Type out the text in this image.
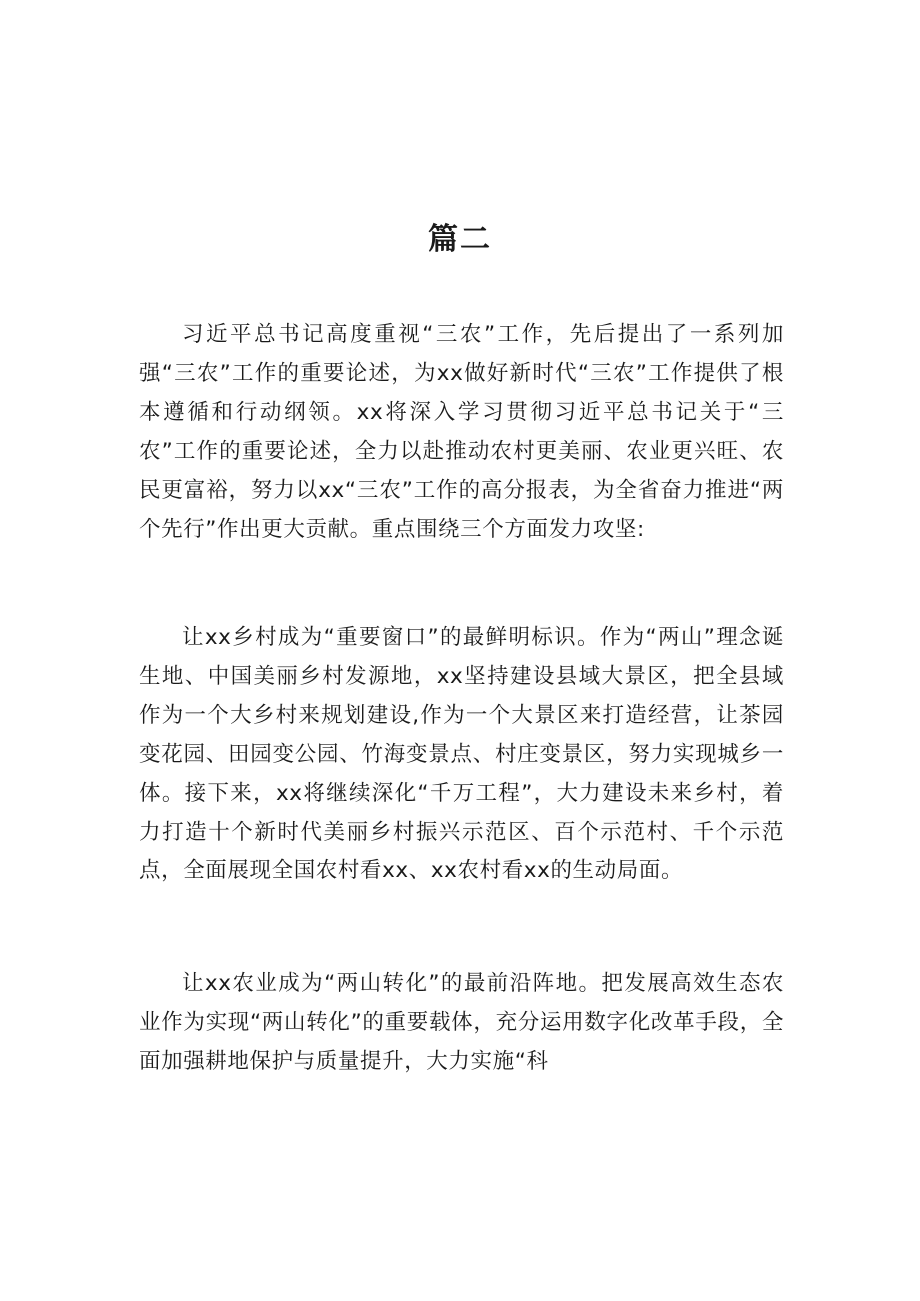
篇二

习近平总书记高度重视“三农”工作，先后提出了一系列加强“三农”工作的重要论述，为xx做好新时代“三农”工作提供了根本遵循和行动纲领。xx将深入学习贯彻习近平总书记关于“三农”工作的重要论述，全力以赴推动农村更美丽、农业更兴旺、农民更富裕，努力以xx“三农”工作的高分报表，为全省奋力推进“两个先行”作出更大贡献。重点围绕三个方面发力攻坚:

让xx乡村成为“重要窗口”的最鲜明标识。作为“两山”理念诞生地、中国美丽乡村发源地，xx坚持建设县域大景区，把全县域作为一个大乡村来规划建设,作为一个大景区来打造经营，让茶园变花园、田园变公园、竹海变景点、村庄变景区，努力实现城乡一体。接下来，xx将继续深化“千万工程”，大力建设未来乡村，着力打造十个新时代美丽乡村振兴示范区、百个示范村、千个示范点，全面展现全国农村看xx、xx农村看xx的生动局面。

让xx农业成为“两山转化”的最前沿阵地。把发展高效生态农业作为实现“两山转化”的重要载体，充分运用数字化改革手段，全面加强耕地保护与质量提升，大力实施“科
